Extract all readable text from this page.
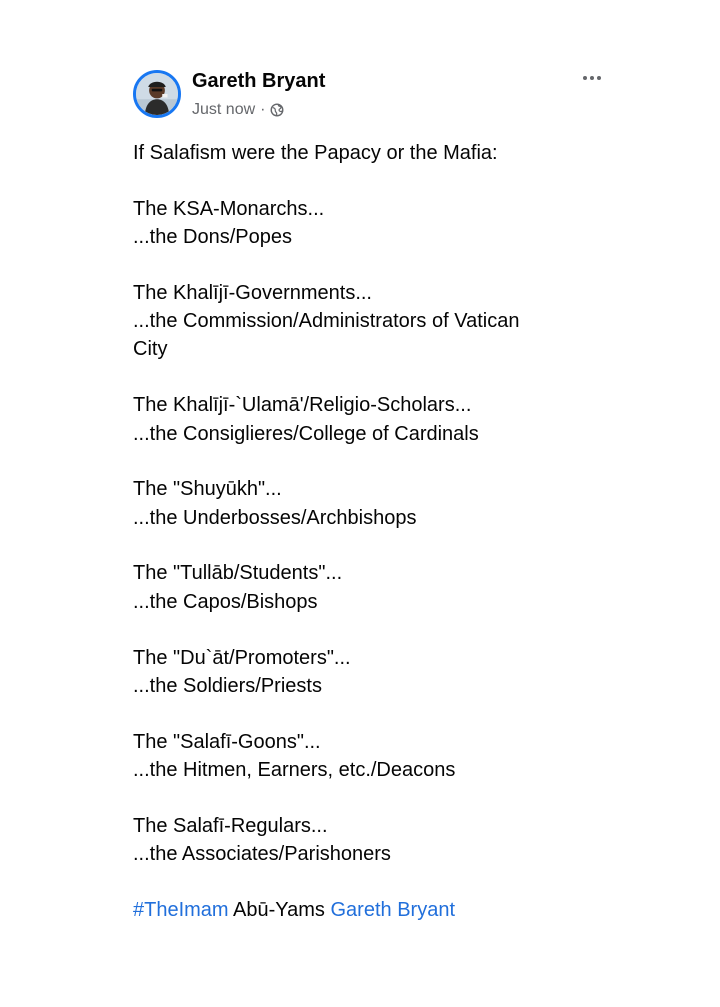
Gareth Bryant
Just now ·
If Salafism were the Papacy or the Mafia:
The KSA-Monarchs...
...the Dons/Popes
The Khalījī-Governments...
...the Commission/Administrators of Vatican
City
The Khalījī-`Ulamā'/Religio-Scholars...
...the Consiglieres/College of Cardinals
The "Shuyūkh"...
...the Underbosses/Archbishops
The "Tullāb/Students"...
...the Capos/Bishops
The "Du`āt/Promoters"...
...the Soldiers/Priests
The "Salafī-Goons"...
...the Hitmen, Earners, etc./Deacons
The Salafī-Regulars...
...the Associates/Parishoners
#TheImam Abū-Yams Gareth Bryant
